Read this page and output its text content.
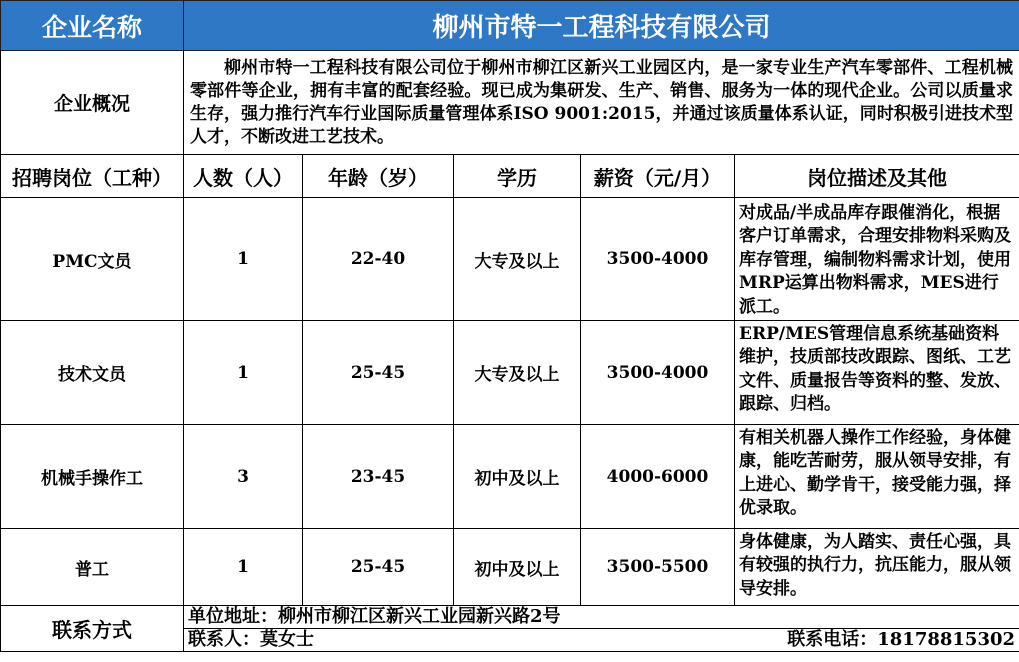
企业名称	柳州市特一工程科技有限公司				
企业概况	柳州市特一工程科技有限公司位于柳州市柳江区新兴工业园区内，是一家专业生产汽车零部件、工程机械零部件等企业，拥有丰富的配套经验。现已成为集研发、生产、销售、服务为一体的现代企业。公司以质量求生存，强力推行汽车行业国际质量管理体系ISO 9001:2015，并通过该质量体系认证，同时积极引进技术型人才，不断改进工艺技术。				
招聘岗位（工种）	人数（人）	年龄（岁）	学历	薪资（元/月）	岗位描述及其他
PMC文员	1	22-40	大专及以上	3500-4000	对成品/半成品库存跟催消化，根据客户订单需求，合理安排物料采购及库存管理，编制物料需求计划，使用MRP运算出物料需求，MES进行派工。
技术文员	1	25-45	大专及以上	3500-4000	ERP/MES管理信息系统基础资料维护，技质部技改跟踪、图纸、工艺文件、质量报告等资料的整、发放、跟踪、归档。
机械手操作工	3	23-45	初中及以上	4000-6000	有相关机器人操作工作经验，身体健康，能吃苦耐劳，服从领导安排，有上进心、勤学肯干，接受能力强，择优录取。
普工	1	25-45	初中及以上	3500-5500	身体健康，为人踏实、责任心强，具有较强的执行力，抗压能力，服从领导安排。
联系方式	单位地址：柳州市柳江区新兴工业园新兴路2号				

	联系人：莫女士 联系电话：18178815302				
